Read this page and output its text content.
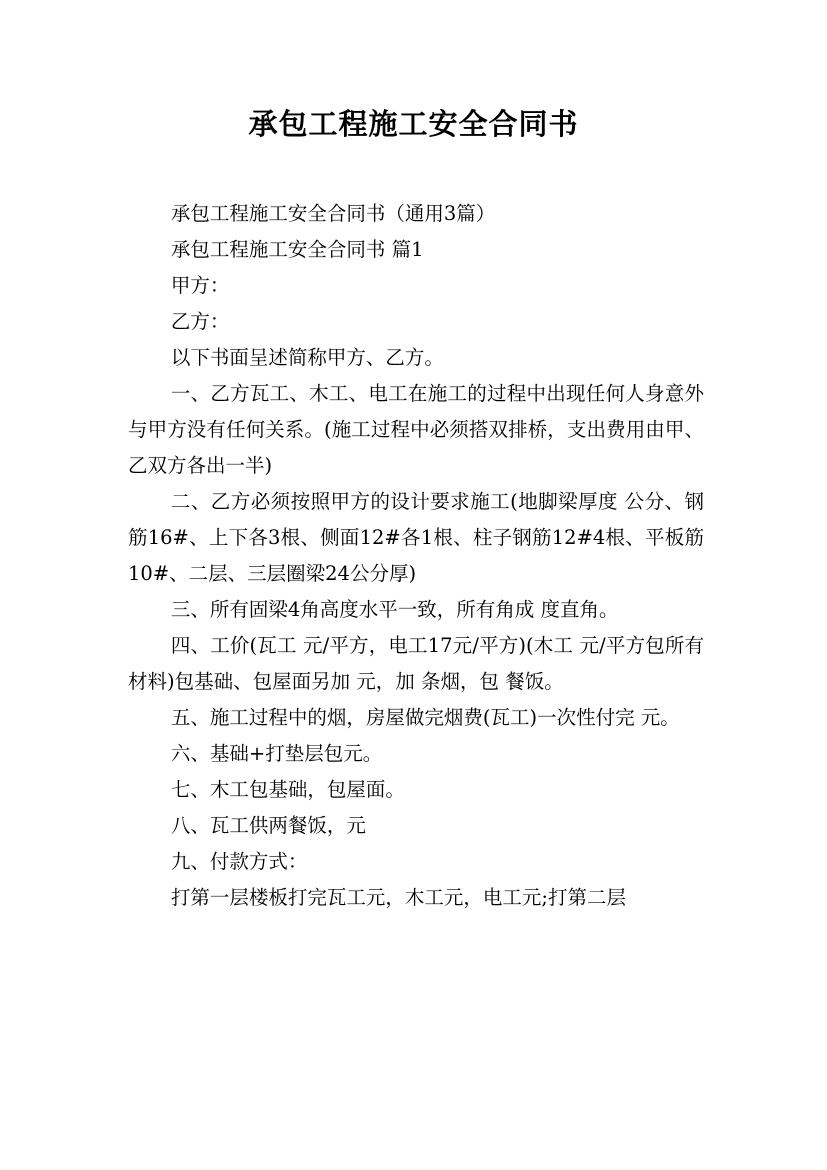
承包工程施工安全合同书

承包工程施工安全合同书（通用3篇）

承包工程施工安全合同书 篇1

甲方：

乙方：

以下书面呈述简称甲方、乙方。

一、乙方瓦工、木工、电工在施工的过程中出现任何人身意外与甲方没有任何关系。(施工过程中必须搭双排桥，支出费用由甲、乙双方各出一半)

二、乙方必须按照甲方的设计要求施工(地脚梁厚度 公分、钢筋16#、上下各3根、侧面12#各1根、柱子钢筋12#4根、平板筋10#、二层、三层圈梁24公分厚)

三、所有固梁4角高度水平一致，所有角成 度直角。

四、工价(瓦工 元/平方，电工17元/平方)(木工 元/平方包所有材料)包基础、包屋面另加 元，加 条烟，包 餐饭。

五、施工过程中的烟，房屋做完烟费(瓦工)一次性付完 元。

六、基础+打垫层包元。

七、木工包基础，包屋面。

八、瓦工供两餐饭，元

九、付款方式：

打第一层楼板打完瓦工元，木工元，电工元;打第二层
